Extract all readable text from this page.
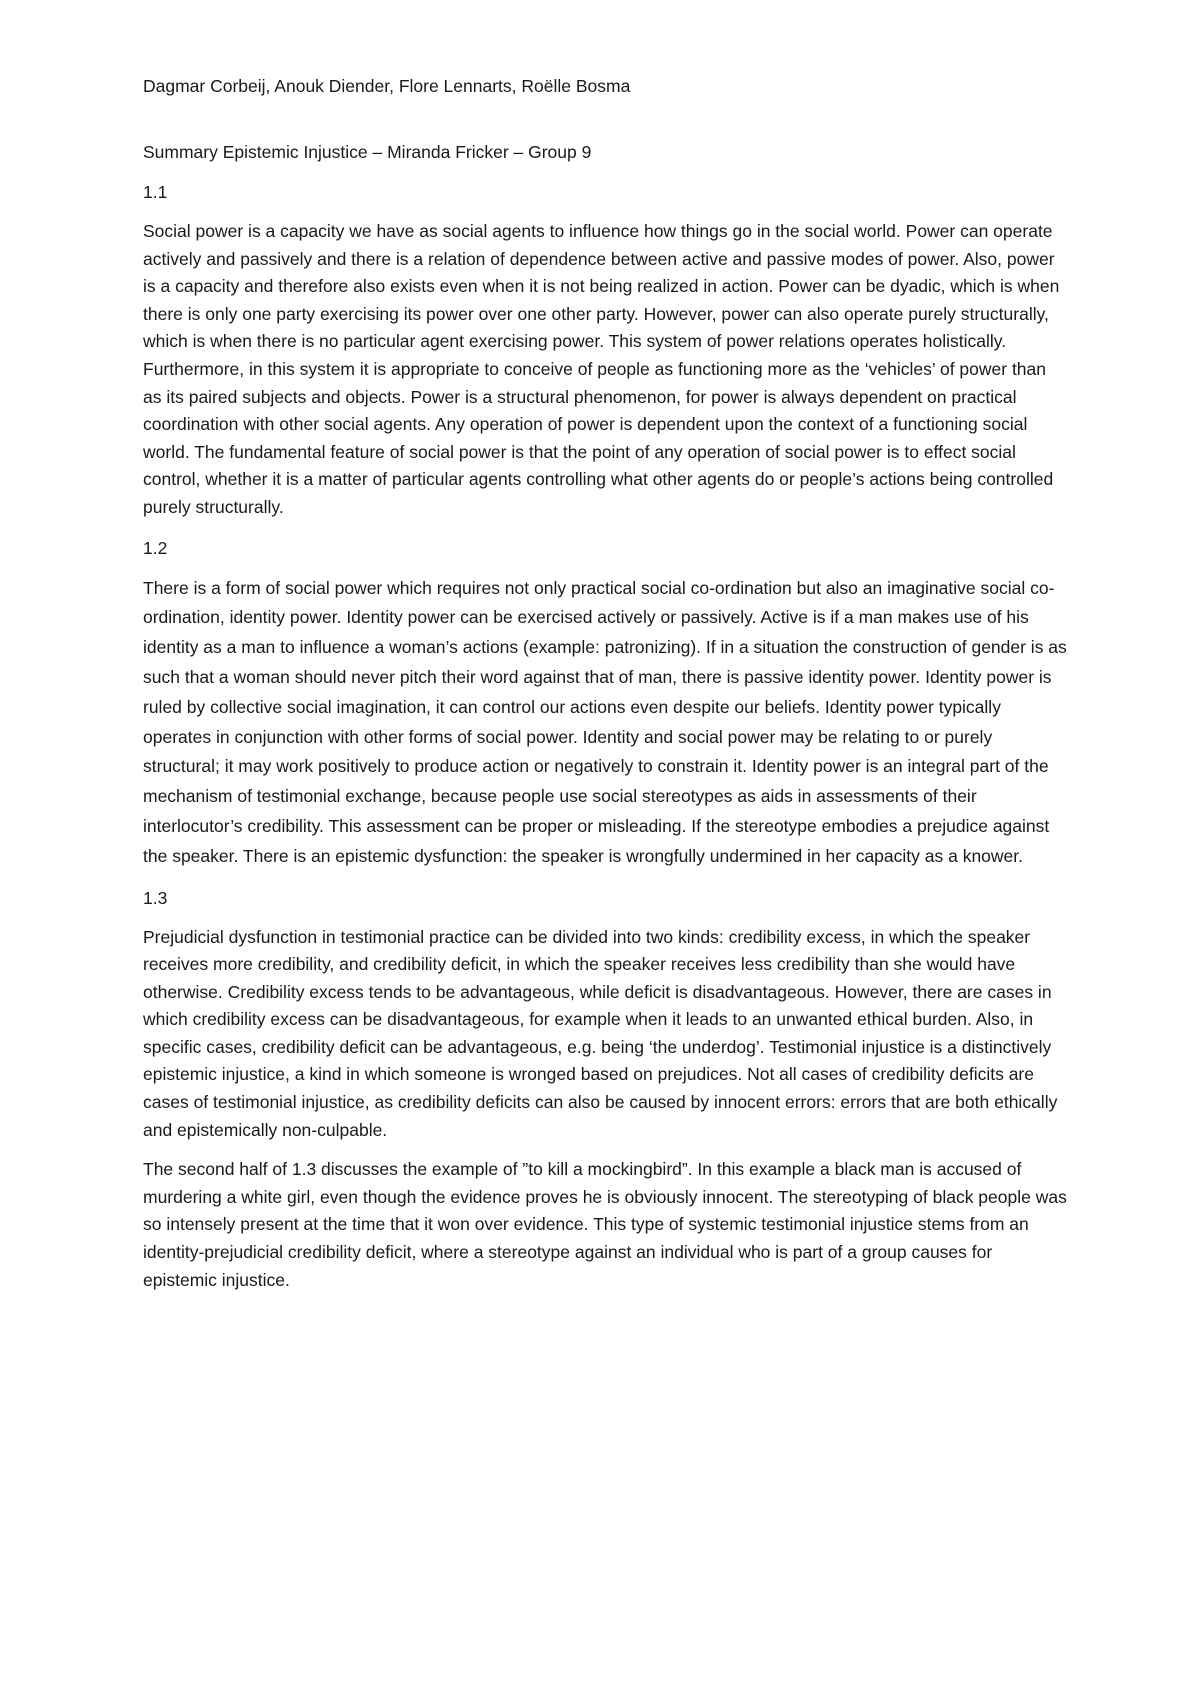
Dagmar Corbeij, Anouk Diender, Flore Lennarts, Roëlle Bosma
Summary Epistemic Injustice – Miranda Fricker – Group 9
1.1

Social power is a capacity we have as social agents to influence how things go in the social world. Power can operate actively and passively and there is a relation of dependence between active and passive modes of power. Also, power is a capacity and therefore also exists even when it is not being realized in action. Power can be dyadic, which is when there is only one party exercising its power over one other party. However, power can also operate purely structurally, which is when there is no particular agent exercising power. This system of power relations operates holistically. Furthermore, in this system it is appropriate to conceive of people as functioning more as the ‘vehicles’ of power than as its paired subjects and objects. Power is a structural phenomenon, for power is always dependent on practical coordination with other social agents. Any operation of power is dependent upon the context of a functioning social world. The fundamental feature of social power is that the point of any operation of social power is to effect social control, whether it is a matter of particular agents controlling what other agents do or people’s actions being controlled purely structurally.

1.2

There is a form of social power which requires not only practical social co-ordination but also an imaginative social co-ordination, identity power. Identity power can be exercised actively or passively. Active is if a man makes use of his identity as a man to influence a woman’s actions (example: patronizing). If in a situation the construction of gender is as such that a woman should never pitch their word against that of man, there is passive identity power. Identity power is ruled by collective social imagination, it can control our actions even despite our beliefs. Identity power typically operates in conjunction with other forms of social power. Identity and social power may be relating to or purely structural; it may work positively to produce action or negatively to constrain it. Identity power is an integral part of the mechanism of testimonial exchange, because people use social stereotypes as aids in assessments of their interlocutor’s credibility. This assessment can be proper or misleading. If the stereotype embodies a prejudice against the speaker. There is an epistemic dysfunction: the speaker is wrongfully undermined in her capacity as a knower.

1.3

Prejudicial dysfunction in testimonial practice can be divided into two kinds: credibility excess, in which the speaker receives more credibility, and credibility deficit, in which the speaker receives less credibility than she would have otherwise. Credibility excess tends to be advantageous, while deficit is disadvantageous. However, there are cases in which credibility excess can be disadvantageous, for example when it leads to an unwanted ethical burden. Also, in specific cases, credibility deficit can be advantageous, e.g. being ‘the underdog’. Testimonial injustice is a distinctively epistemic injustice, a kind in which someone is wronged based on prejudices. Not all cases of credibility deficits are cases of testimonial injustice, as credibility deficits can also be caused by innocent errors: errors that are both ethically and epistemically non-culpable.

The second half of 1.3 discusses the example of ”to kill a mockingbird”. In this example a black man is accused of murdering a white girl, even though the evidence proves he is obviously innocent. The stereotyping of black people was so intensely present at the time that it won over evidence. This type of systemic testimonial injustice stems from an identity-prejudicial credibility deficit, where a stereotype against an individual who is part of a group causes for epistemic injustice.
